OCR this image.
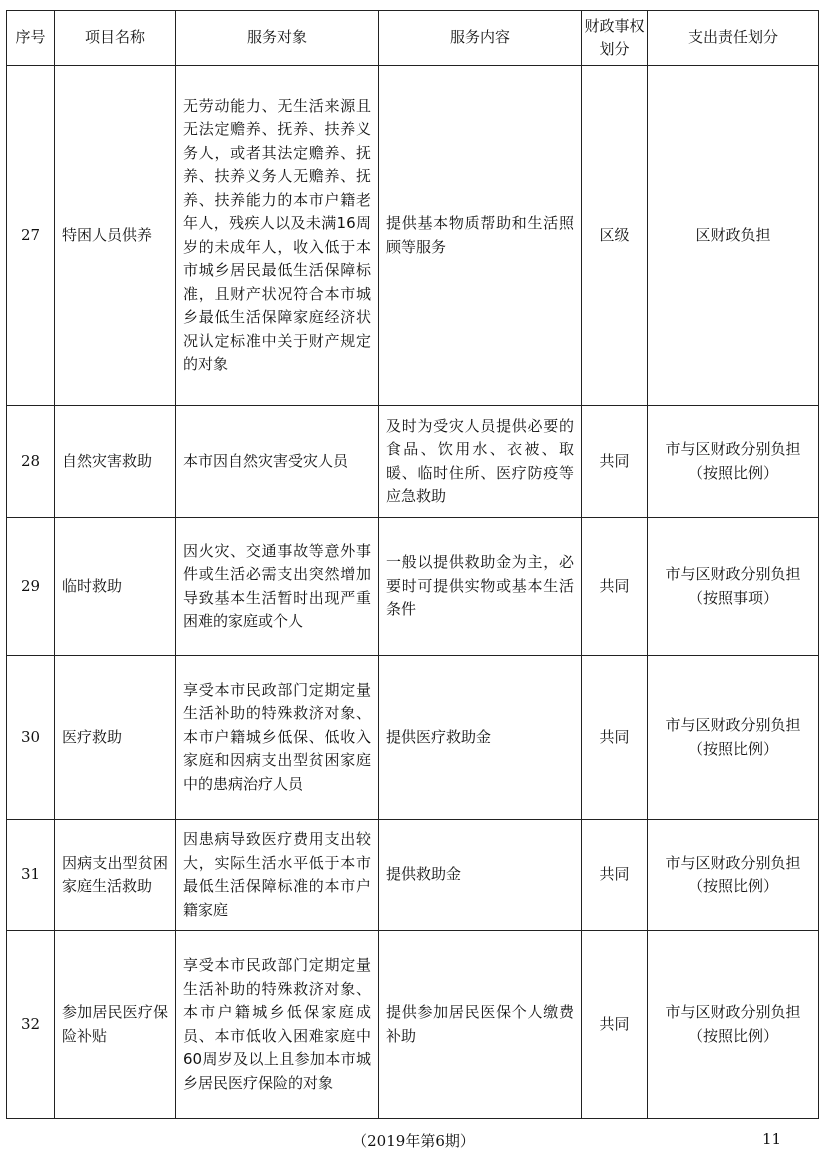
序号	项目名称	服务对象	服务内容	财政事权划分	支出责任划分
27	特困人员供养	无劳动能力、无生活来源且无法定赡养、抚养、扶养义务人，或者其法定赡养、抚养、扶养义务人无赡养、抚养、扶养能力的本市户籍老年人，残疾人以及未满16周岁的未成年人，收入低于本市城乡居民最低生活保障标准，且财产状况符合本市城乡最低生活保障家庭经济状况认定标准中关于财产规定的对象	提供基本物质帮助和生活照顾等服务	区级	区财政负担
28	自然灾害救助	本市因自然灾害受灾人员	及时为受灾人员提供必要的食品、饮用水、衣被、取暖、临时住所、医疗防疫等应急救助	共同	市与区财政分别负担（按照比例）
29	临时救助	因火灾、交通事故等意外事件或生活必需支出突然增加导致基本生活暂时出现严重困难的家庭或个人	一般以提供救助金为主，必要时可提供实物或基本生活条件	共同	市与区财政分别负担（按照事项）
30	医疗救助	享受本市民政部门定期定量生活补助的特殊救济对象、本市户籍城乡低保、低收入家庭和因病支出型贫困家庭中的患病治疗人员	提供医疗救助金	共同	市与区财政分别负担（按照比例）
31	因病支出型贫困家庭生活救助	因患病导致医疗费用支出较大，实际生活水平低于本市最低生活保障标准的本市户籍家庭	提供救助金	共同	市与区财政分别负担（按照比例）
32	参加居民医疗保险补贴	享受本市民政部门定期定量生活补助的特殊救济对象、本市户籍城乡低保家庭成员、本市低收入困难家庭中60周岁及以上且参加本市城乡居民医疗保险的对象	提供参加居民医保个人缴费补助	共同	市与区财政分别负担（按照比例）
（2019年第6期）	11
